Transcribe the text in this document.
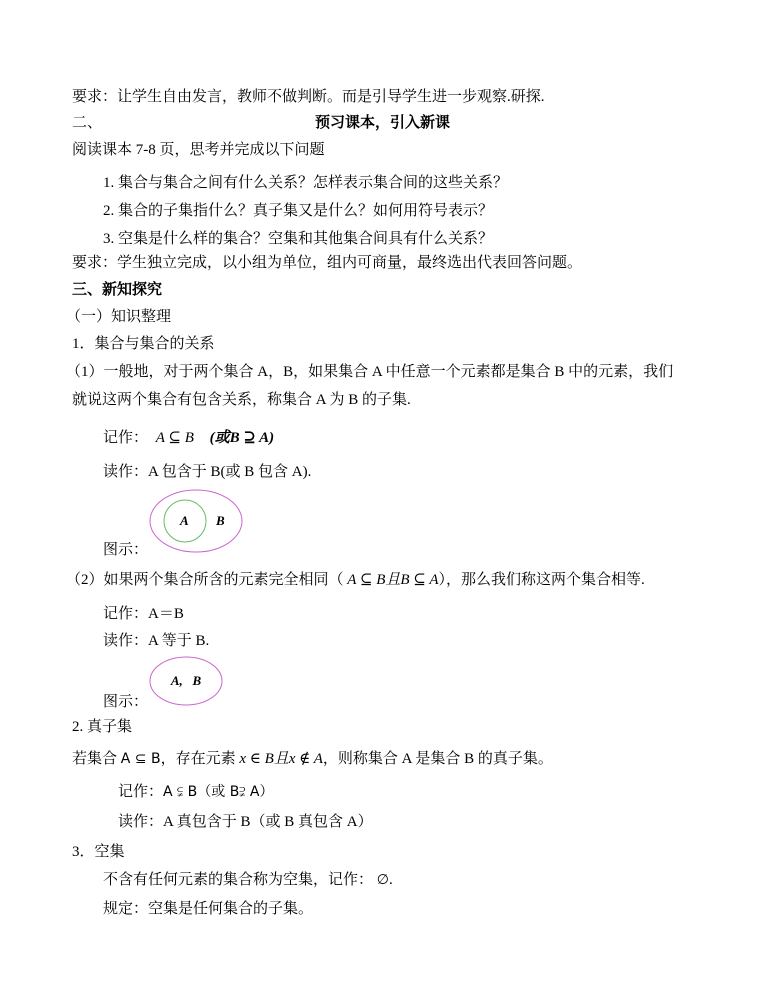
要求：让学生自由发言，教师不做判断。而是引导学生进一步观察.研探.
二、	预习课本，引入新课
阅读课本 7-8 页，思考并完成以下问题
1. 集合与集合之间有什么关系？怎样表示集合间的这些关系？
2. 集合的子集指什么？真子集又是什么？如何用符号表示？
3. 空集是什么样的集合？空集和其他集合间具有什么关系？
要求：学生独立完成，以小组为单位，组内可商量，最终选出代表回答问题。
三、新知探究
（一）知识整理
1．集合与集合的关系
（1）一般地，对于两个集合 A，B，如果集合 A 中任意一个元素都是集合 B 中的元素，我们
就说这两个集合有包含关系，称集合 A 为 B 的子集.
记作： A ⊆ B (或B ⊇ A)
读作：A 包含于 B(或 B 包含 A).
A B
图示：
（2）如果两个集合所含的元素完全相同（ A ⊆ B且B ⊆ A），那么我们称这两个集合相等.
记作：A＝B
读作：A 等于 B.
A,   B
图示：
2. 真子集
若集合 A ⊆ B，存在元素 x ∈ B且x ∉ A，则称集合 A 是集合 B 的真子集。
记作：A ⫋ B（或 B⫌ A）
读作：A 真包含于 B（或 B 真包含 A）
3．空集
不含有任何元素的集合称为空集，记作： ∅.
规定：空集是任何集合的子集。
